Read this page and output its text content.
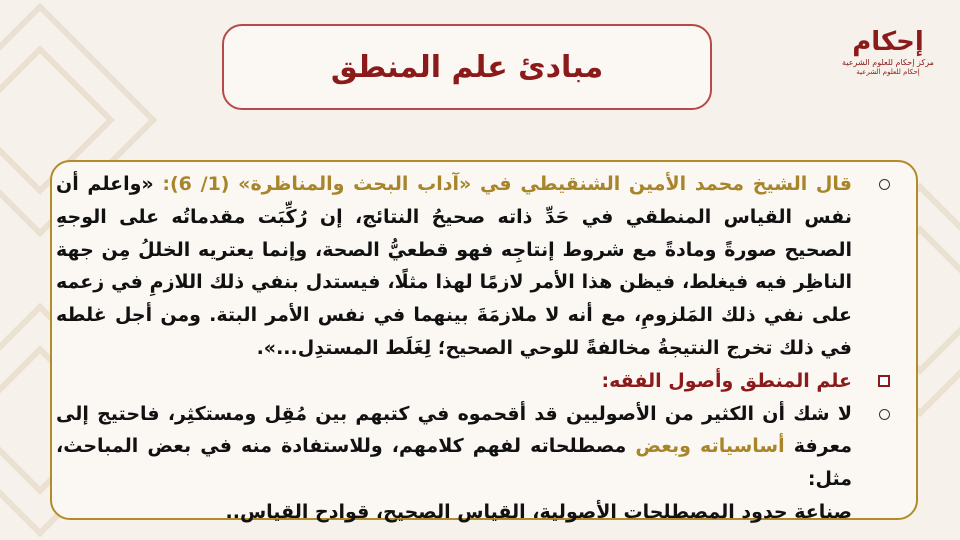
مبادئ علم المنطق
إحكام
مركز إحكام للعلوم الشرعية
إحكام للعلوم الشرعية

قال الشيخ محمد الأمين الشنقيطي في «آداب البحث والمناظرة» (1/ 6): «واعلم أن نفس القياس المنطقي في حَدِّ ذاته صحيحُ النتائج، إن رُكِّبَت مقدماتُه على الوجهِ الصحيح صورةً ومادةً مع شروط إنتاجِه فهو قطعيُّ الصحة، وإنما يعتريه الخللُ مِن جهة الناظِر فيه فيغلط، فيظن هذا الأمر لازمًا لهذا مثلًا، فيستدل بنفي ذلك اللازمِ في زعمه على نفي ذلك المَلزومِ، مع أنه لا ملازمَةَ بينهما في نفس الأمر البتة. ومن أجل غلطه في ذلك تخرج النتيجةُ مخالفةً للوحي الصحيح؛ لِغَلَط المستدِل...».

علم المنطق وأصول الفقه:

لا شك أن الكثير من الأصوليين قد أقحموه في كتبهم بين مُقِل ومستكثِر، فاحتيج إلى معرفة أساسياته وبعض مصطلحاته لفهم كلامهم، وللاستفادة منه في بعض المباحث، مثل:
صناعة حدود المصطلحات الأصولية، القياس الصحيح، قوادح القياس..
